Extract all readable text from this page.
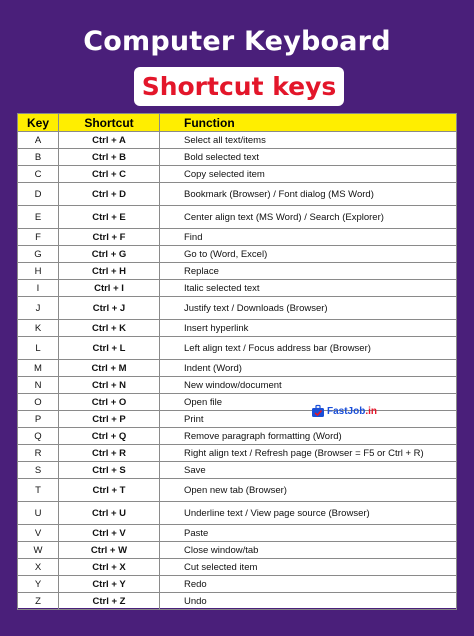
Computer Keyboard
Shortcut keys
Key	Shortcut	Function
A	Ctrl + A	Select all text/items
B	Ctrl + B	Bold selected text
C	Ctrl + C	Copy selected item
D	Ctrl + D	Bookmark (Browser) / Font dialog (MS Word)
E	Ctrl + E	Center align text (MS Word) / Search (Explorer)
F	Ctrl + F	Find
G	Ctrl + G	Go to (Word, Excel)
H	Ctrl + H	Replace
I	Ctrl + I	Italic selected text
J	Ctrl + J	Justify text / Downloads (Browser)
K	Ctrl + K	Insert hyperlink
L	Ctrl + L	Left align text / Focus address bar (Browser)
M	Ctrl + M	Indent (Word)
N	Ctrl + N	New window/document
O	Ctrl + O	Open file
P	Ctrl + P	Print
Q	Ctrl + Q	Remove paragraph formatting (Word)
R	Ctrl + R	Right align text / Refresh page (Browser = F5 or Ctrl + R)
S	Ctrl + S	Save
T	Ctrl + T	Open new tab (Browser)
U	Ctrl + U	Underline text / View page source (Browser)
V	Ctrl + V	Paste
W	Ctrl + W	Close window/tab
X	Ctrl + X	Cut selected item
Y	Ctrl + Y	Redo
Z	Ctrl + Z	Undo
FastJob.in
